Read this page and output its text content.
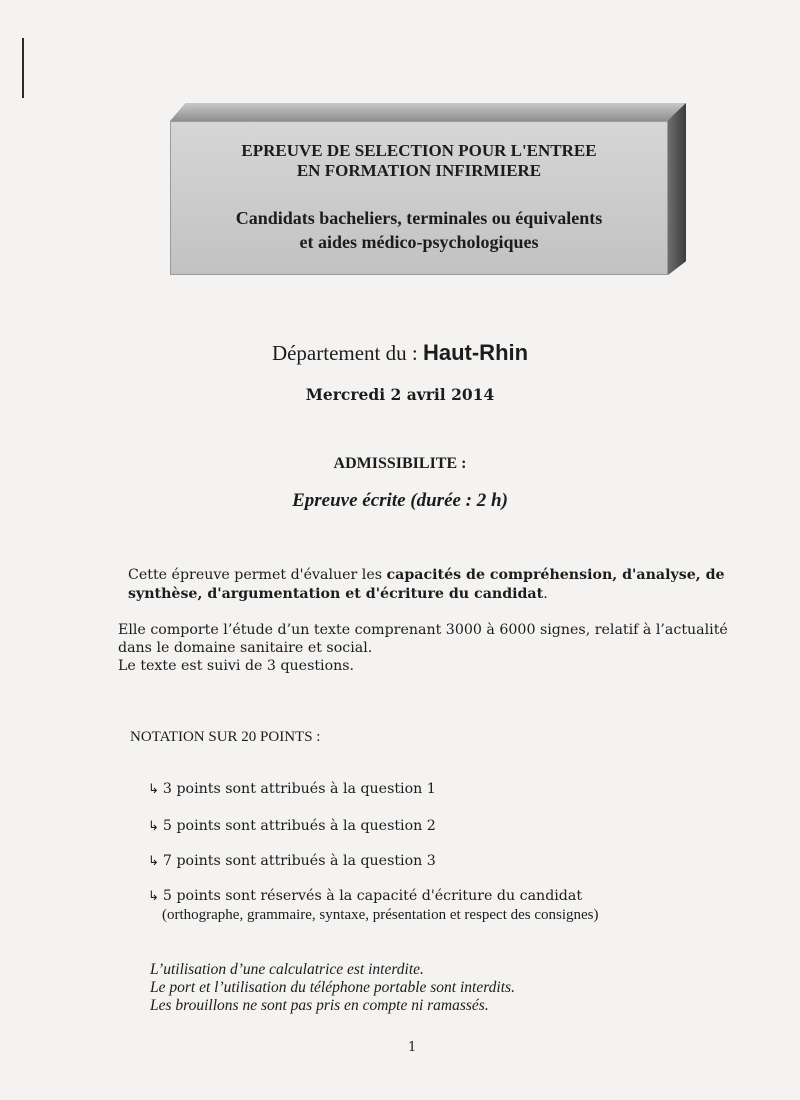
EPREUVE DE SELECTION POUR L'ENTREE
EN FORMATION INFIRMIERE
Candidats bacheliers, terminales ou équivalents
et aides médico-psychologiques
Département du : Haut-Rhin
Mercredi 2 avril 2014
ADMISSIBILITE :
Epreuve écrite (durée : 2 h)
Cette épreuve permet d'évaluer les capacités de compréhension, d'analyse, de synthèse, d'argumentation et d'écriture du candidat.
Elle comporte l’étude d’un texte comprenant 3000 à 6000 signes, relatif à l’actualité
dans le domaine sanitaire et social.
Le texte est suivi de 3 questions.
NOTATION SUR 20 POINTS :
↳ 3 points sont attribués à la question 1
↳ 5 points sont attribués à la question 2
↳ 7 points sont attribués à la question 3
↳ 5 points sont réservés à la capacité d'écriture du candidat
(orthographe, grammaire, syntaxe, présentation et respect des consignes)
L’utilisation d’une calculatrice est interdite.
Le port et l’utilisation du téléphone portable sont interdits.
Les brouillons ne sont pas pris en compte ni ramassés.
1
